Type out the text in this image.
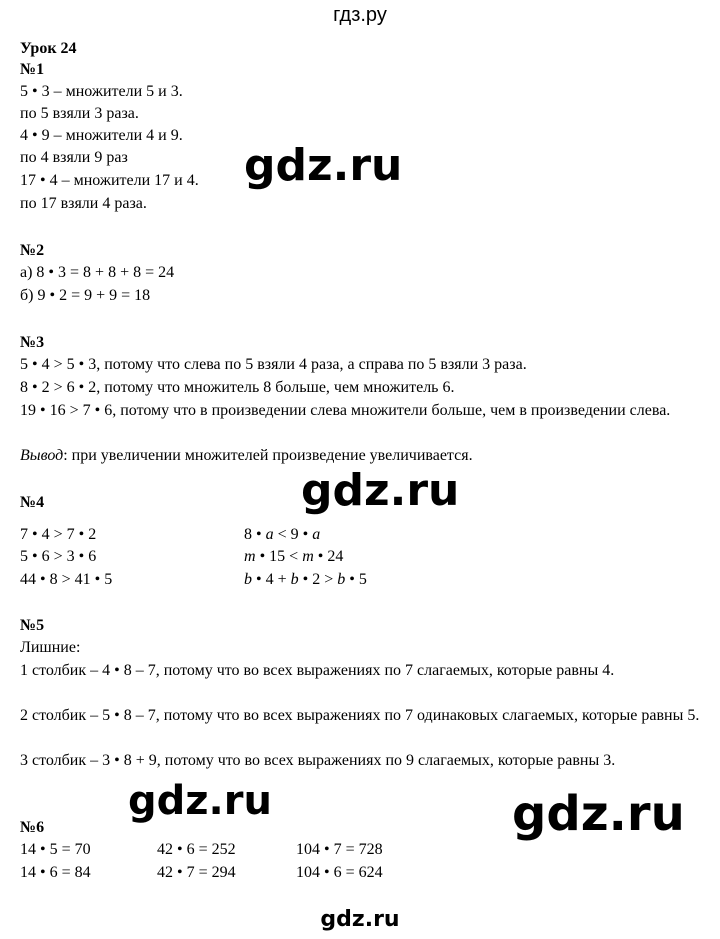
гдз.ру
Урок 24
№1
5 • 3 – множители 5 и 3.
по 5 взяли 3 раза.
4 • 9 – множители 4 и 9.
по 4 взяли 9 раз
17 • 4 – множители 17 и 4.
по 17 взяли 4 раза.
№2
а) 8 • 3 = 8 + 8 + 8 = 24
б) 9 • 2 = 9 + 9 = 18
№3
5 • 4 > 5 • 3, потому что слева по 5 взяли 4 раза, а справа по 5 взяли 3 раза.
8 • 2 > 6 • 2, потому что множитель 8 больше, чем множитель 6.
19 • 16 > 7 • 6, потому что в произведении слева множители больше, чем в произведении слева.
Вывод: при увеличении множителей произведение увеличивается.
№4
7 • 4 > 7 • 2
5 • 6 > 3 • 6
44 • 8 > 41 • 5
8 • a < 9 • a
m • 15 < m • 24
b • 4 + b • 2 > b • 5
№5
Лишние:
1 столбик – 4 • 8 – 7, потому что во всех выражениях по 7 слагаемых, которые равны 4.
2 столбик – 5 • 8 – 7, потому что во всех выражениях по 7 одинаковых слагаемых, которые равны 5.
3 столбик – 3 • 8 + 9, потому что во всех выражениях по 9 слагаемых, которые равны 3.
№6
14 • 5 = 70
14 • 6 = 84
42 • 6 = 252
42 • 7 = 294
104 • 7 = 728
104 • 6 = 624
gdz.ru
gdz.ru
gdz.ru	gdz.ru
gdz.ru
